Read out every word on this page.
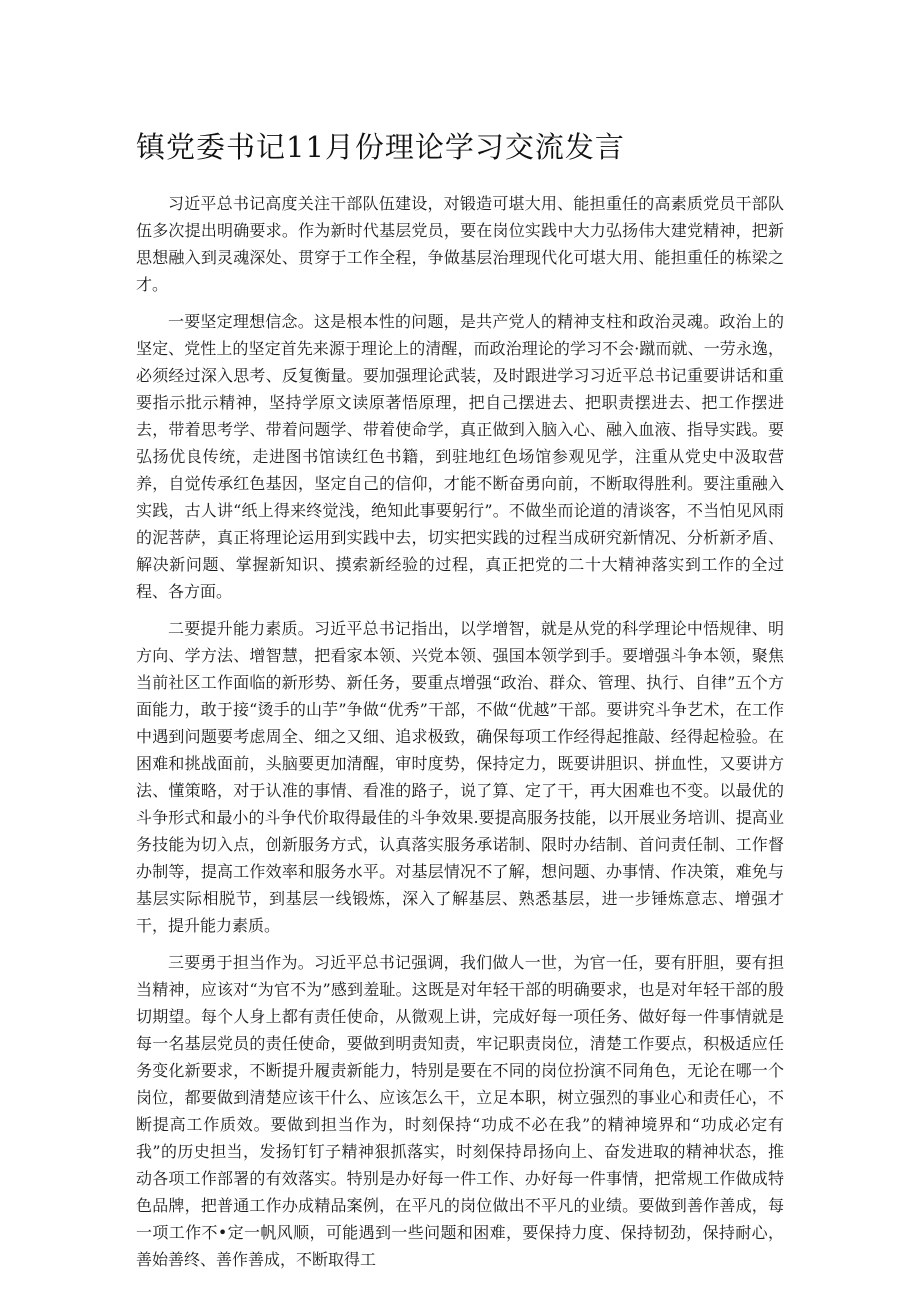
镇党委书记11月份理论学习交流发言

习近平总书记高度关注干部队伍建设，对锻造可堪大用、能担重任的高素质党员干部队伍多次提出明确要求。作为新时代基层党员，要在岗位实践中大力弘扬伟大建党精神，把新思想融入到灵魂深处、贯穿于工作全程，争做基层治理现代化可堪大用、能担重任的栋梁之才。

一要坚定理想信念。这是根本性的问题，是共产党人的精神支柱和政治灵魂。政治上的坚定、党性上的坚定首先来源于理论上的清醒，而政治理论的学习不会·蹴而就、一劳永逸，必须经过深入思考、反复衡量。要加强理论武装，及时跟进学习习近平总书记重要讲话和重要指示批示精神，坚持学原文读原著悟原理，把自己摆进去、把职责摆进去、把工作摆进去，带着思考学、带着问题学、带着使命学，真正做到入脑入心、融入血液、指导实践。要弘扬优良传统，走进图书馆读红色书籍，到驻地红色场馆参观见学，注重从党史中汲取营养，自觉传承红色基因，坚定自己的信仰，才能不断奋勇向前，不断取得胜利。要注重融入实践，古人讲“纸上得来终觉浅，绝知此事要躬行”。不做坐而论道的清谈客，不当怕见风雨的泥菩萨，真正将理论运用到实践中去，切实把实践的过程当成研究新情况、分析新矛盾、解决新问题、掌握新知识、摸索新经验的过程，真正把党的二十大精神落实到工作的全过程、各方面。

二要提升能力素质。习近平总书记指出，以学增智，就是从党的科学理论中悟规律、明方向、学方法、增智慧，把看家本领、兴党本领、强国本领学到手。要增强斗争本领，聚焦当前社区工作面临的新形势、新任务，要重点增强“政治、群众、管理、执行、自律”五个方面能力，敢于接“烫手的山芋”争做“优秀”干部，不做“优越”干部。要讲究斗争艺术，在工作中遇到问题要考虑周全、细之又细、追求极致，确保每项工作经得起推敲、经得起检验。在困难和挑战面前，头脑要更加清醒，审时度势，保持定力，既要讲胆识、拼血性，又要讲方法、懂策略，对于认准的事情、看准的路子，说了算、定了干，再大困难也不变。以最优的斗争形式和最小的斗争代价取得最佳的斗争效果.要提高服务技能，以开展业务培训、提高业务技能为切入点，创新服务方式，认真落实服务承诺制、限时办结制、首问责任制、工作督办制等，提高工作效率和服务水平。对基层情况不了解，想问题、办事情、作决策，难免与基层实际相脱节，到基层一线锻炼，深入了解基层、熟悉基层，进一步锤炼意志、增强才干，提升能力素质。

三要勇于担当作为。习近平总书记强调，我们做人一世，为官一任，要有肝胆，要有担当精神，应该对“为官不为”感到羞耻。这既是对年轻干部的明确要求，也是对年轻干部的殷切期望。每个人身上都有责任使命，从微观上讲，完成好每一项任务、做好每一件事情就是每一名基层党员的责任使命，要做到明责知责，牢记职责岗位，清楚工作要点，积极适应任务变化新要求，不断提升履责新能力，特别是要在不同的岗位扮演不同角色，无论在哪一个岗位，都要做到清楚应该干什么、应该怎么干，立足本职，树立强烈的事业心和责任心，不断提高工作质效。要做到担当作为，时刻保持“功成不必在我”的精神境界和“功成必定有我”的历史担当，发扬钉钉子精神狠抓落实，时刻保持昂扬向上、奋发进取的精神状态，推动各项工作部署的有效落实。特别是办好每一件工作、办好每一件事情，把常规工作做成特色品牌，把普通工作办成精品案例，在平凡的岗位做出不平凡的业绩。要做到善作善成，每一项工作不•定一帆风顺，可能遇到一些问题和困难，要保持力度、保持韧劲，保持耐心，善始善终、善作善成，不断取得工
